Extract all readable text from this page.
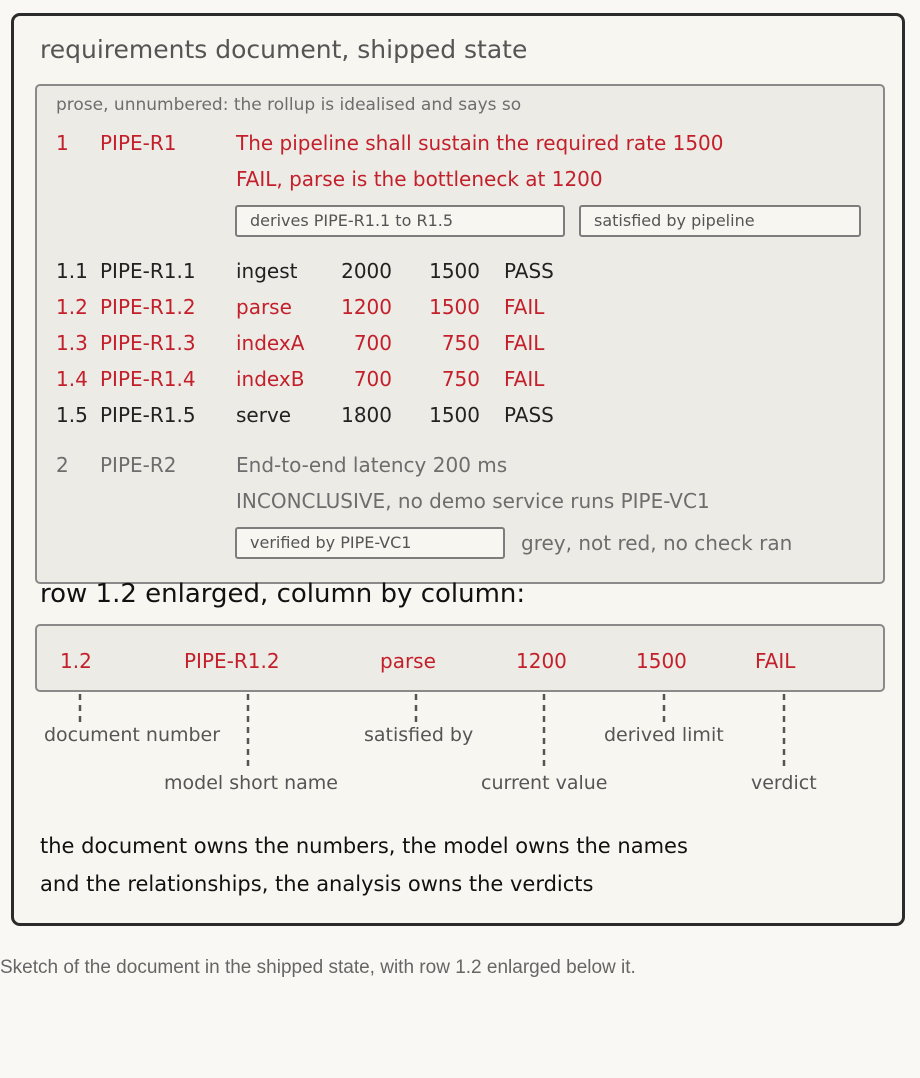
requirements document, shipped state
prose, unnumbered: the rollup is idealised and says so
1 PIPE-R1	The pipeline shall sustain the required rate 1500
FAIL, parse is the bottleneck at 1200
derives PIPE-R1.1 to R1.5	satisfied by pipeline
1.1 PIPE-R1.1 ingest	2000	1500 PASS
1.2 PIPE-R1.2 parse	1200	1500 FAIL
1.3 PIPE-R1.3 indexA	700	750 FAIL
1.4 PIPE-R1.4 indexB	700	750 FAIL
1.5 PIPE-R1.5 serve	1800	1500 PASS
2 PIPE-R2	End-to-end latency 200 ms
INCONCLUSIVE, no demo service runs PIPE-VC1
verified by PIPE-VC1	grey, not red, no check ran
row 1.2 enlarged, column by column:
1.2	PIPE-R1.2	parse	1200	1500	FAIL
document number
model short name
satisfied by
current value
derived limit
verdict
the document owns the numbers, the model owns the names
and the relationships, the analysis owns the verdicts
Sketch of the document in the shipped state, with row 1.2 enlarged below it.
